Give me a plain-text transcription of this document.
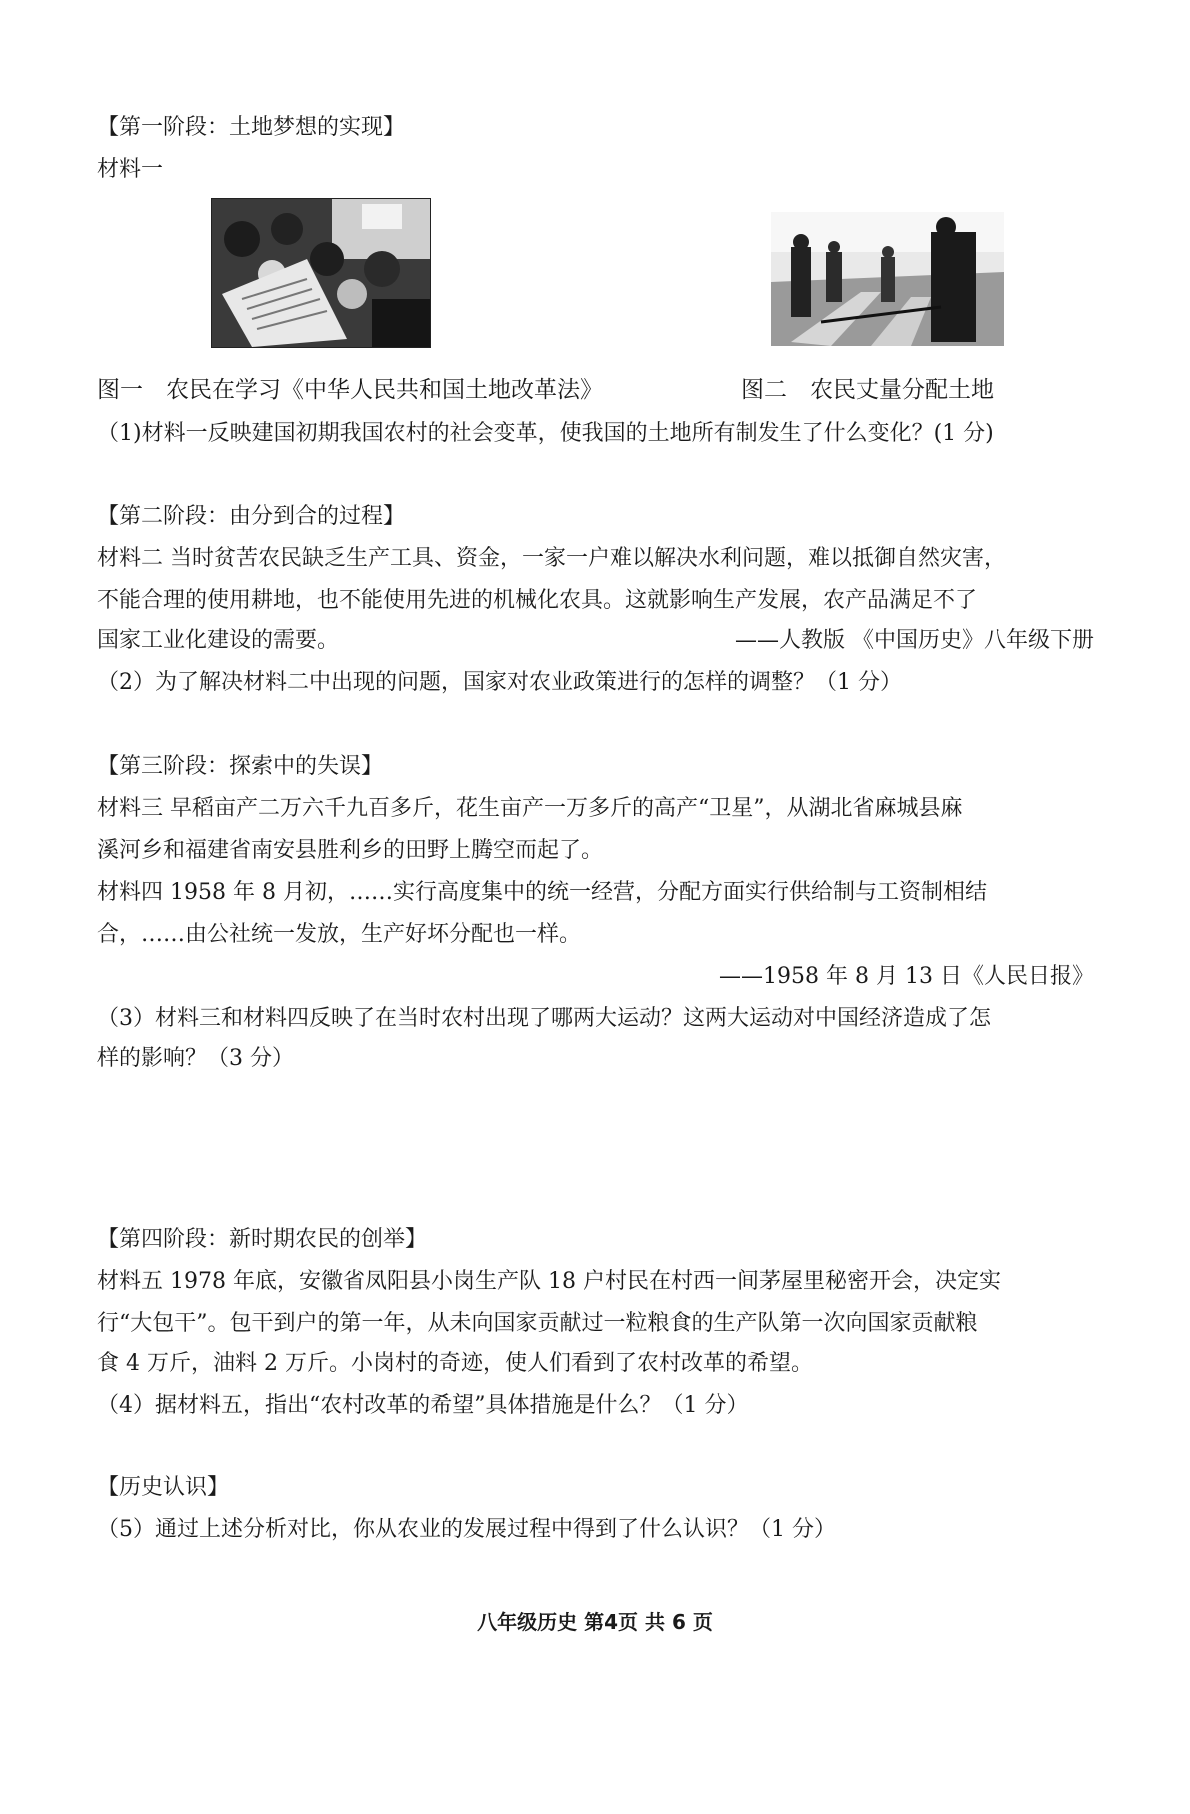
【第一阶段：土地梦想的实现】
材料一
图一　农民在学习《中华人民共和国土地改革法》	图二　农民丈量分配土地
（1)材料一反映建国初期我国农村的社会变革，使我国的土地所有制发生了什么变化？(1 分)
【第二阶段：由分到合的过程】
材料二 当时贫苦农民缺乏生产工具、资金，一家一户难以解决水利问题，难以抵御自然灾害，
不能合理的使用耕地，也不能使用先进的机械化农具。这就影响生产发展，农产品满足不了
国家工业化建设的需要。	——人教版 《中国历史》八年级下册
（2）为了解决材料二中出现的问题，国家对农业政策进行的怎样的调整？（1 分）
【第三阶段：探索中的失误】
材料三 早稻亩产二万六千九百多斤，花生亩产一万多斤的高产“卫星”，从湖北省麻城县麻
溪河乡和福建省南安县胜利乡的田野上腾空而起了。
材料四 1958 年 8 月初，……实行高度集中的统一经营，分配方面实行供给制与工资制相结
合，……由公社统一发放，生产好坏分配也一样。
——1958 年 8 月 13 日《人民日报》
（3）材料三和材料四反映了在当时农村出现了哪两大运动？这两大运动对中国经济造成了怎
样的影响？（3 分）
【第四阶段：新时期农民的创举】
材料五 1978 年底，安徽省凤阳县小岗生产队 18 户村民在村西一间茅屋里秘密开会，决定实
行“大包干”。包干到户的第一年，从未向国家贡献过一粒粮食的生产队第一次向国家贡献粮
食 4 万斤，油料 2 万斤。小岗村的奇迹，使人们看到了农村改革的希望。
（4）据材料五，指出“农村改革的希望”具体措施是什么？（1 分）
【历史认识】
（5）通过上述分析对比，你从农业的发展过程中得到了什么认识？（1 分）
八年级历史 第4页 共 6 页
